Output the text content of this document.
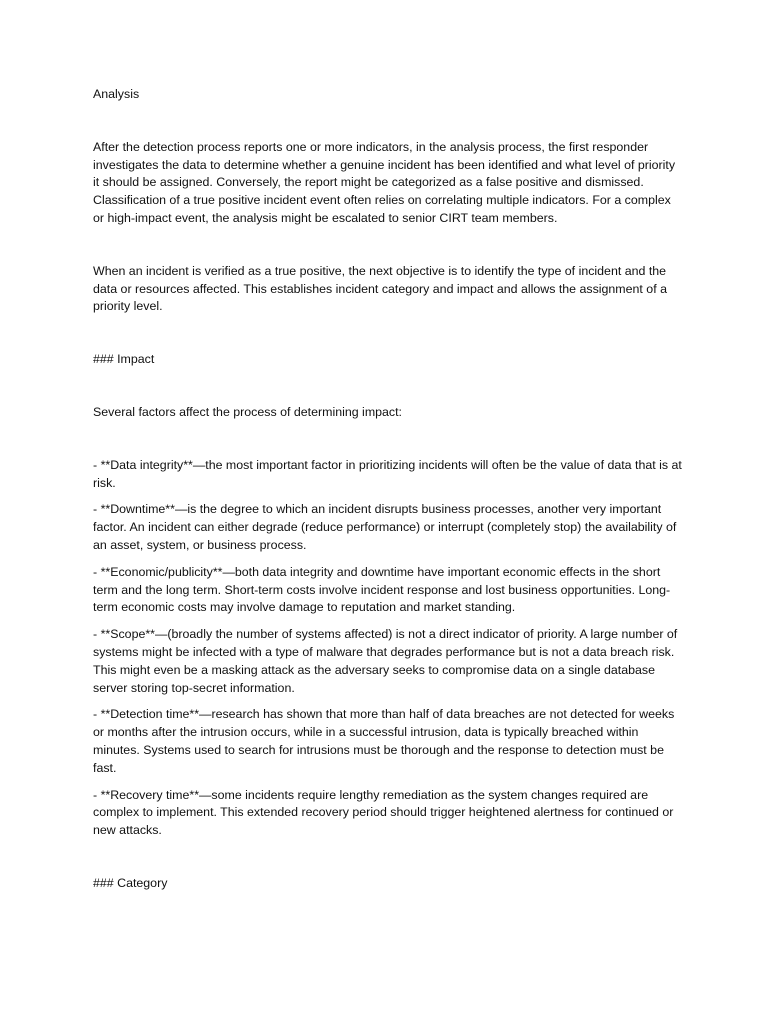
Analysis

After the detection process reports one or more indicators, in the analysis process, the first responder investigates the data to determine whether a genuine incident has been identified and what level of priority it should be assigned. Conversely, the report might be categorized as a false positive and dismissed. Classification of a true positive incident event often relies on correlating multiple indicators. For a complex or high-impact event, the analysis might be escalated to senior CIRT team members.

When an incident is verified as a true positive, the next objective is to identify the type of incident and the data or resources affected. This establishes incident category and impact and allows the assignment of a priority level.

### Impact

Several factors affect the process of determining impact:

- **Data integrity**—the most important factor in prioritizing incidents will often be the value of data that is at risk.

- **Downtime**—is the degree to which an incident disrupts business processes, another very important factor. An incident can either degrade (reduce performance) or interrupt (completely stop) the availability of an asset, system, or business process.

- **Economic/publicity**—both data integrity and downtime have important economic effects in the short term and the long term. Short-term costs involve incident response and lost business opportunities. Long-term economic costs may involve damage to reputation and market standing.

- **Scope**—(broadly the number of systems affected) is not a direct indicator of priority. A large number of systems might be infected with a type of malware that degrades performance but is not a data breach risk. This might even be a masking attack as the adversary seeks to compromise data on a single database server storing top-secret information.

- **Detection time**—research has shown that more than half of data breaches are not detected for weeks or months after the intrusion occurs, while in a successful intrusion, data is typically breached within minutes. Systems used to search for intrusions must be thorough and the response to detection must be fast.

- **Recovery time**—some incidents require lengthy remediation as the system changes required are complex to implement. This extended recovery period should trigger heightened alertness for continued or new attacks.

### Category
